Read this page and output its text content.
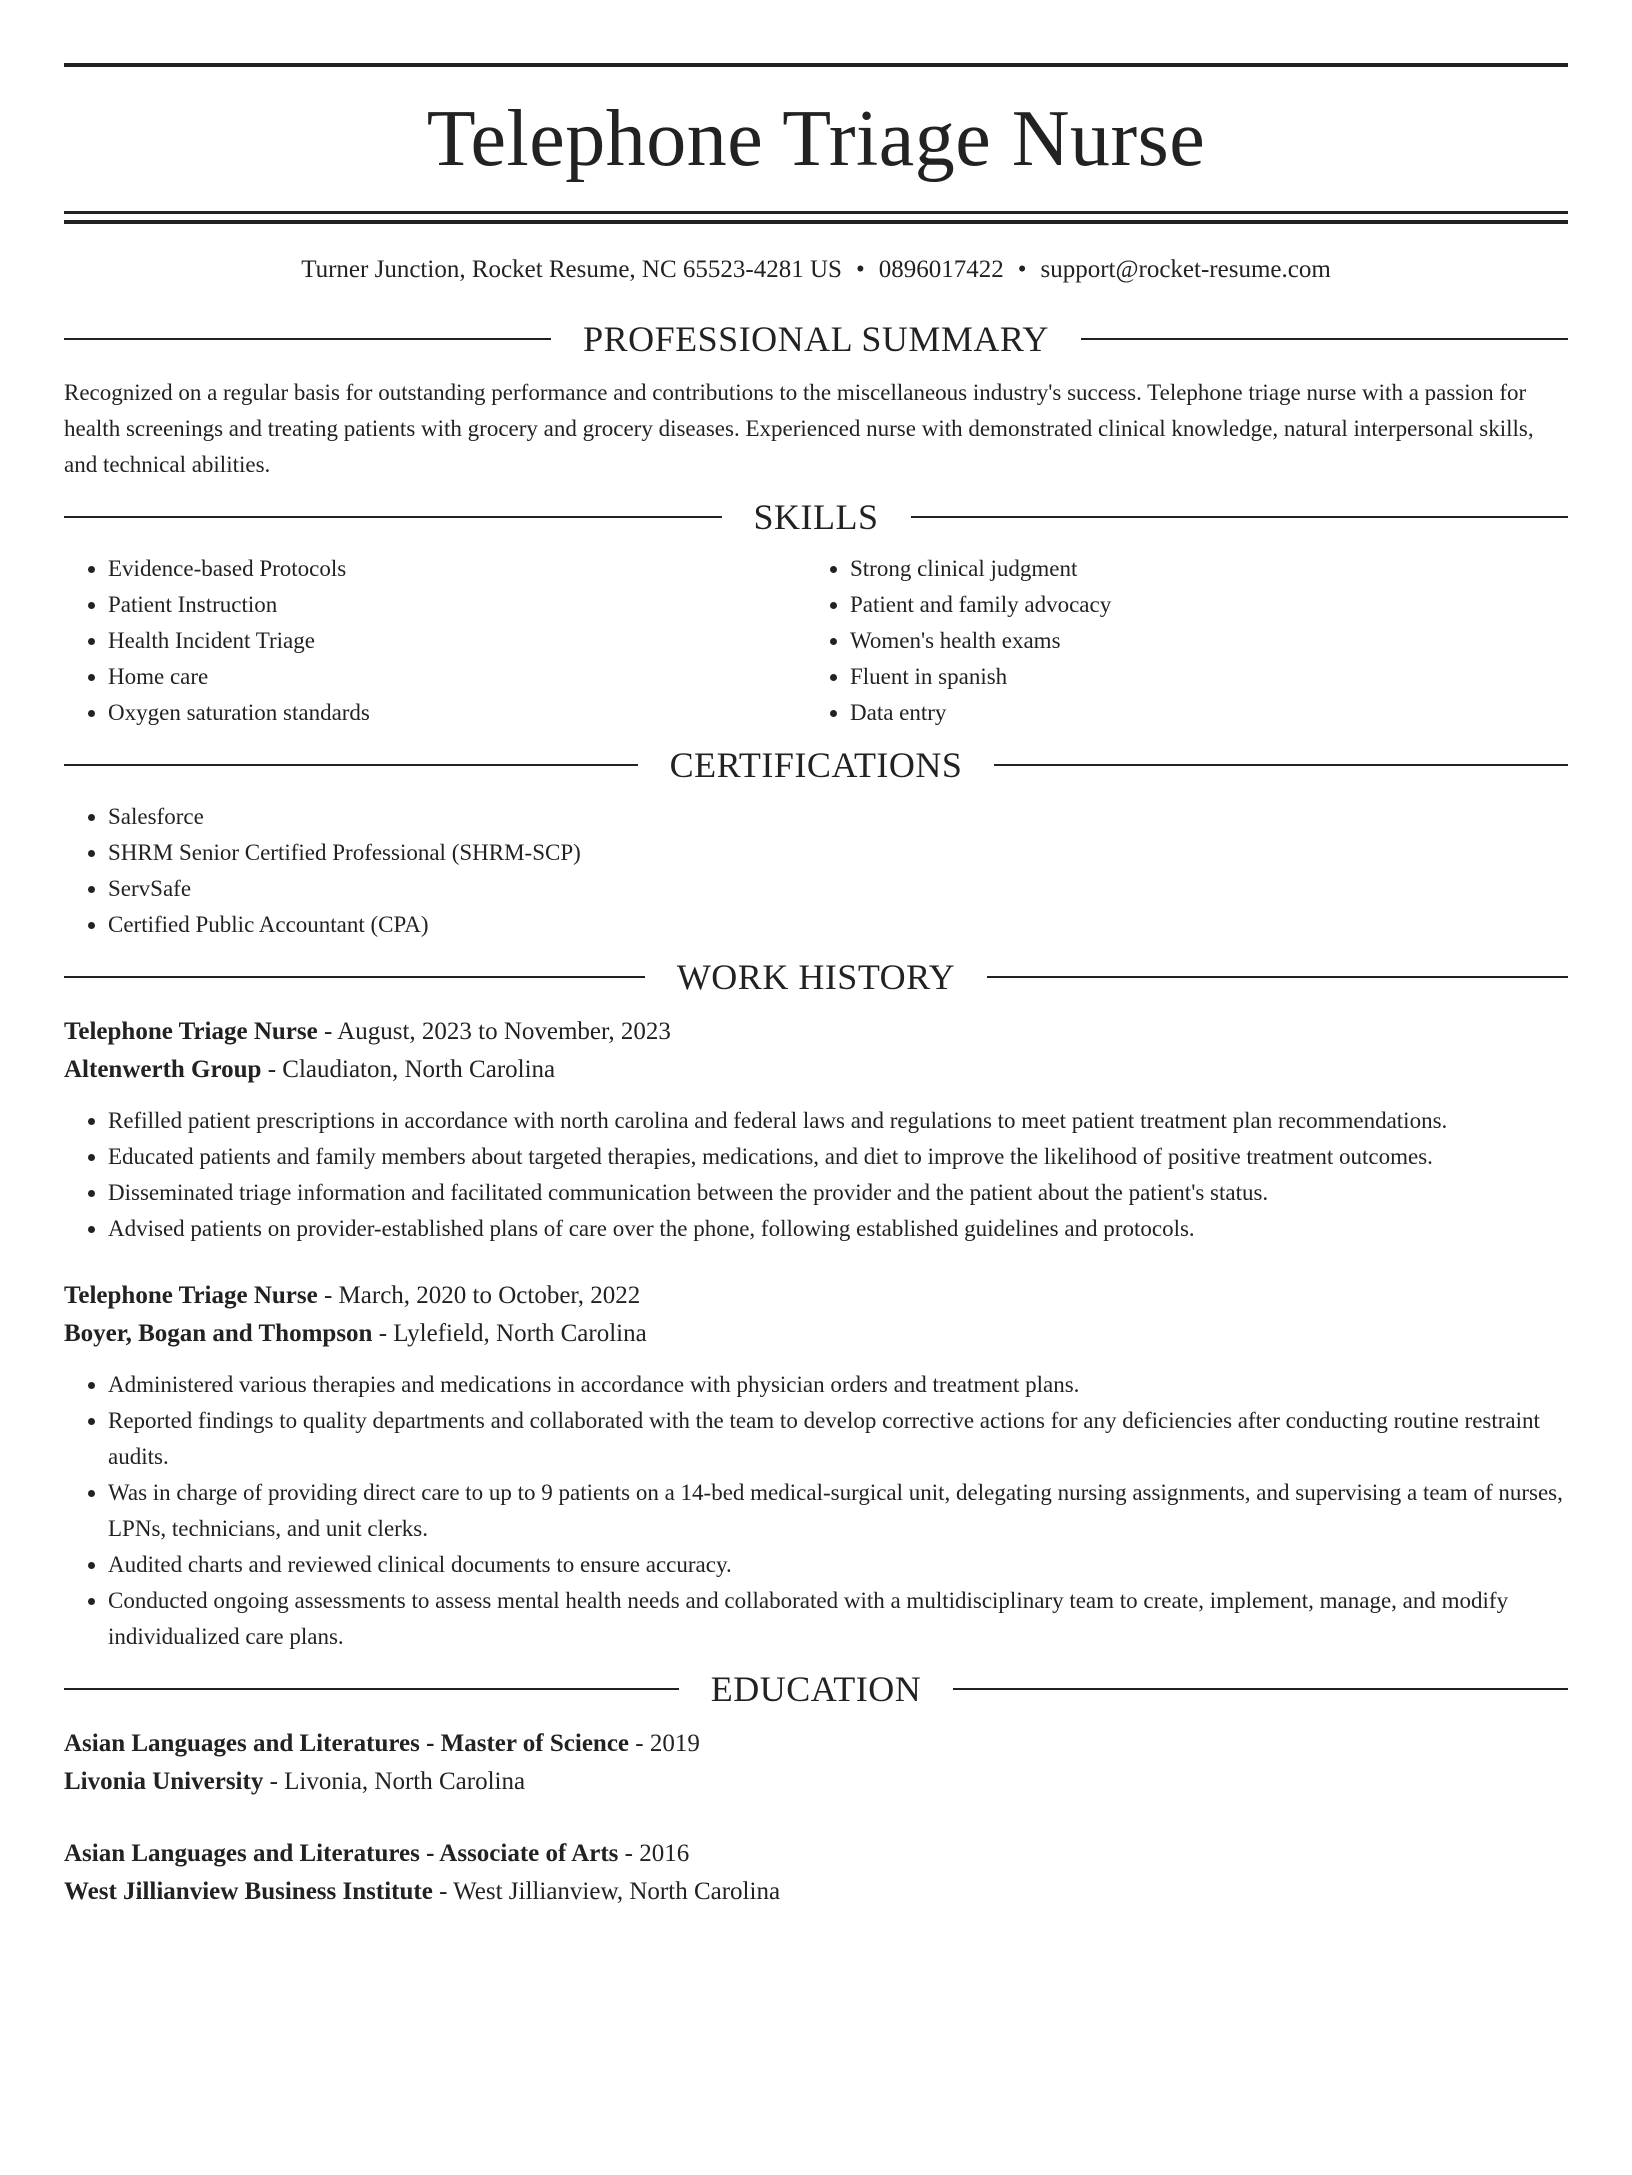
Telephone Triage Nurse
Turner Junction, Rocket Resume, NC 65523-4281 US • 0896017422 • support@rocket-resume.com
PROFESSIONAL SUMMARY

Recognized on a regular basis for outstanding performance and contributions to the miscellaneous industry's success. Telephone triage nurse with a passion for health screenings and treating patients with grocery and grocery diseases. Experienced nurse with demonstrated clinical knowledge, natural interpersonal skills, and technical abilities.

SKILLS
• Evidence-based Protocols
• Patient Instruction
• Health Incident Triage
• Home care
• Oxygen saturation standards
• Strong clinical judgment
• Patient and family advocacy
• Women's health exams
• Fluent in spanish
• Data entry
CERTIFICATIONS
• Salesforce
• SHRM Senior Certified Professional (SHRM-SCP)
• ServSafe
• Certified Public Accountant (CPA)
WORK HISTORY
Telephone Triage Nurse - August, 2023 to November, 2023
Altenwerth Group - Claudiaton, North Carolina
• Refilled patient prescriptions in accordance with north carolina and federal laws and regulations to meet patient treatment plan recommendations.
• Educated patients and family members about targeted therapies, medications, and diet to improve the likelihood of positive treatment outcomes.
• Disseminated triage information and facilitated communication between the provider and the patient about the patient's status.
• Advised patients on provider-established plans of care over the phone, following established guidelines and protocols.
Telephone Triage Nurse - March, 2020 to October, 2022
Boyer, Bogan and Thompson - Lylefield, North Carolina
• Administered various therapies and medications in accordance with physician orders and treatment plans.
• Reported findings to quality departments and collaborated with the team to develop corrective actions for any deficiencies after conducting routine restraint audits.
• Was in charge of providing direct care to up to 9 patients on a 14-bed medical-surgical unit, delegating nursing assignments, and supervising a team of nurses, LPNs, technicians, and unit clerks.
• Audited charts and reviewed clinical documents to ensure accuracy.
• Conducted ongoing assessments to assess mental health needs and collaborated with a multidisciplinary team to create, implement, manage, and modify individualized care plans.
EDUCATION
Asian Languages and Literatures - Master of Science - 2019
Livonia University - Livonia, North Carolina
Asian Languages and Literatures - Associate of Arts - 2016
West Jillianview Business Institute - West Jillianview, North Carolina
